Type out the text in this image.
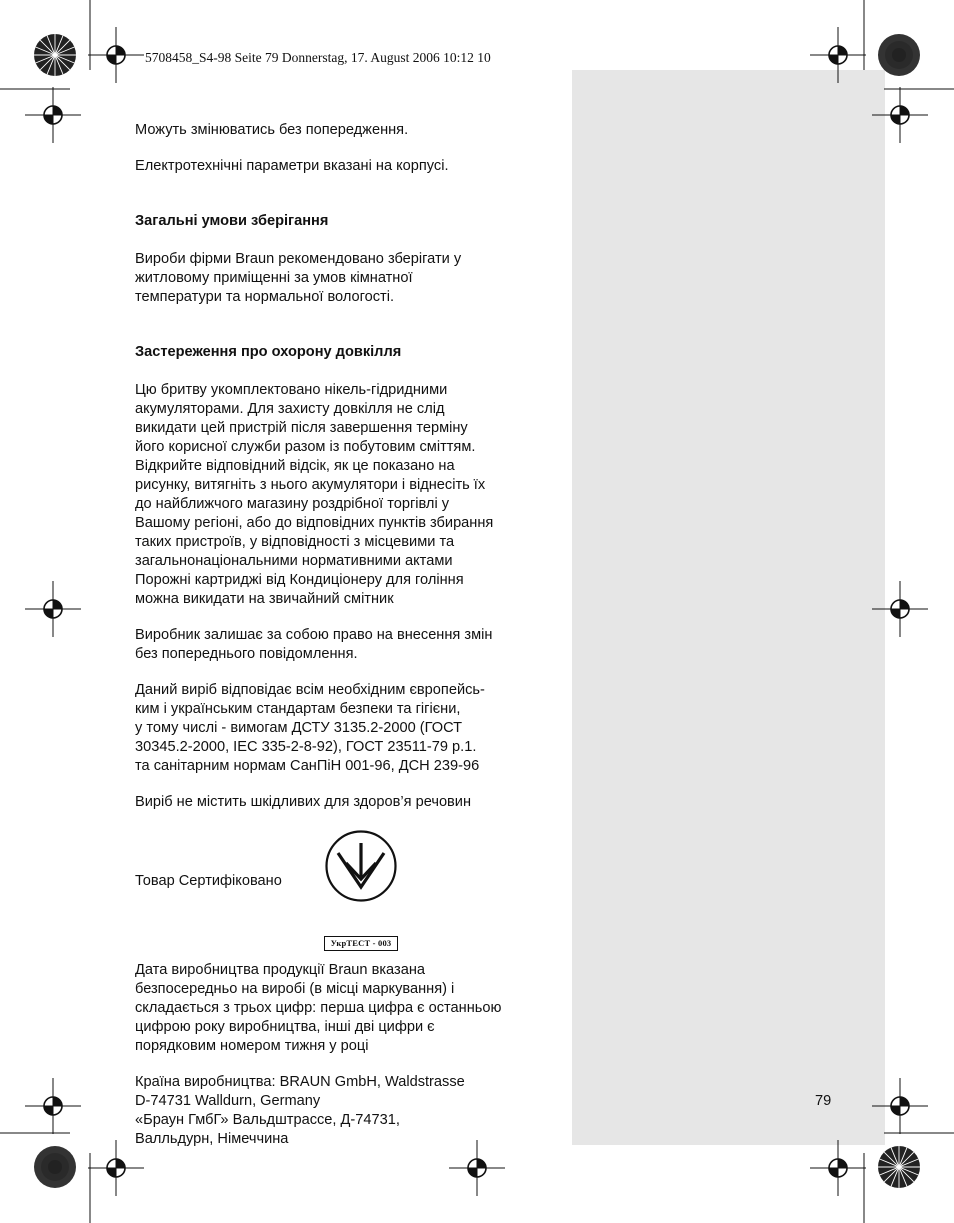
5708458_S4-98 Seite 79 Donnerstag, 17. August 2006 10:12 10

Можуть змінюватись без попередження.

Електротехнічні параметри вказані на корпусі.

Загальні умови зберігання

Вироби фірми Braun рекомендовано зберігати у
житловому приміщенні за умов кімнатної
температури та нормальної вологості.

Застереження про охорону довкілля

Цю бритву укомплектовано нікель-гідридними
акумуляторами. Для захисту довкілля не слід
викидати цей пристрій після завершення терміну
його корисної служби разом із побутовим сміттям.
Відкрийте відповідний відсік, як це показано на
рисунку, витягніть з нього акумулятори і віднесіть їх
до найближчого магазину роздрібної торгівлі у
Вашому регіоні, або до відповідних пунктів збирання
таких пристроїв, у відповідності з місцевими та
загальнонаціональними нормативними актами
Порожні картриджі від Кондиціонеру для гоління
можна викидати на звичайний смітник

Виробник залишає за собою право на внесення змін
без попереднього повідомлення.

Даний виріб відповідає всім необхідним європейсь-
ким і українським стандартам безпеки та гігієни,
у тому числі - вимогам ДСТУ 3135.2-2000 (ГОСТ
30345.2-2000, IEC 335-2-8-92), ГОСТ 23511-79 р.1.
та санітарним нормам СанПіН 001-96, ДСН 239-96

Виріб не містить шкідливих для здоров’я речовин

Товар Сертифіковано
УкрТЕСТ - 003

Дата виробництва продукції Braun вказана
безпосередньо на виробі (в місці маркування) і
складається з трьох цифр: перша цифра є останньою
цифрою року виробництва, інші дві цифри є
порядковим номером тижня у році

Країна виробництва: BRAUN GmbH, Waldstrasse
D-74731 Walldurn, Germany
«Браун ГмбГ» Вальдштрассе, Д-74731,
Валльдурн, Німеччина

79
